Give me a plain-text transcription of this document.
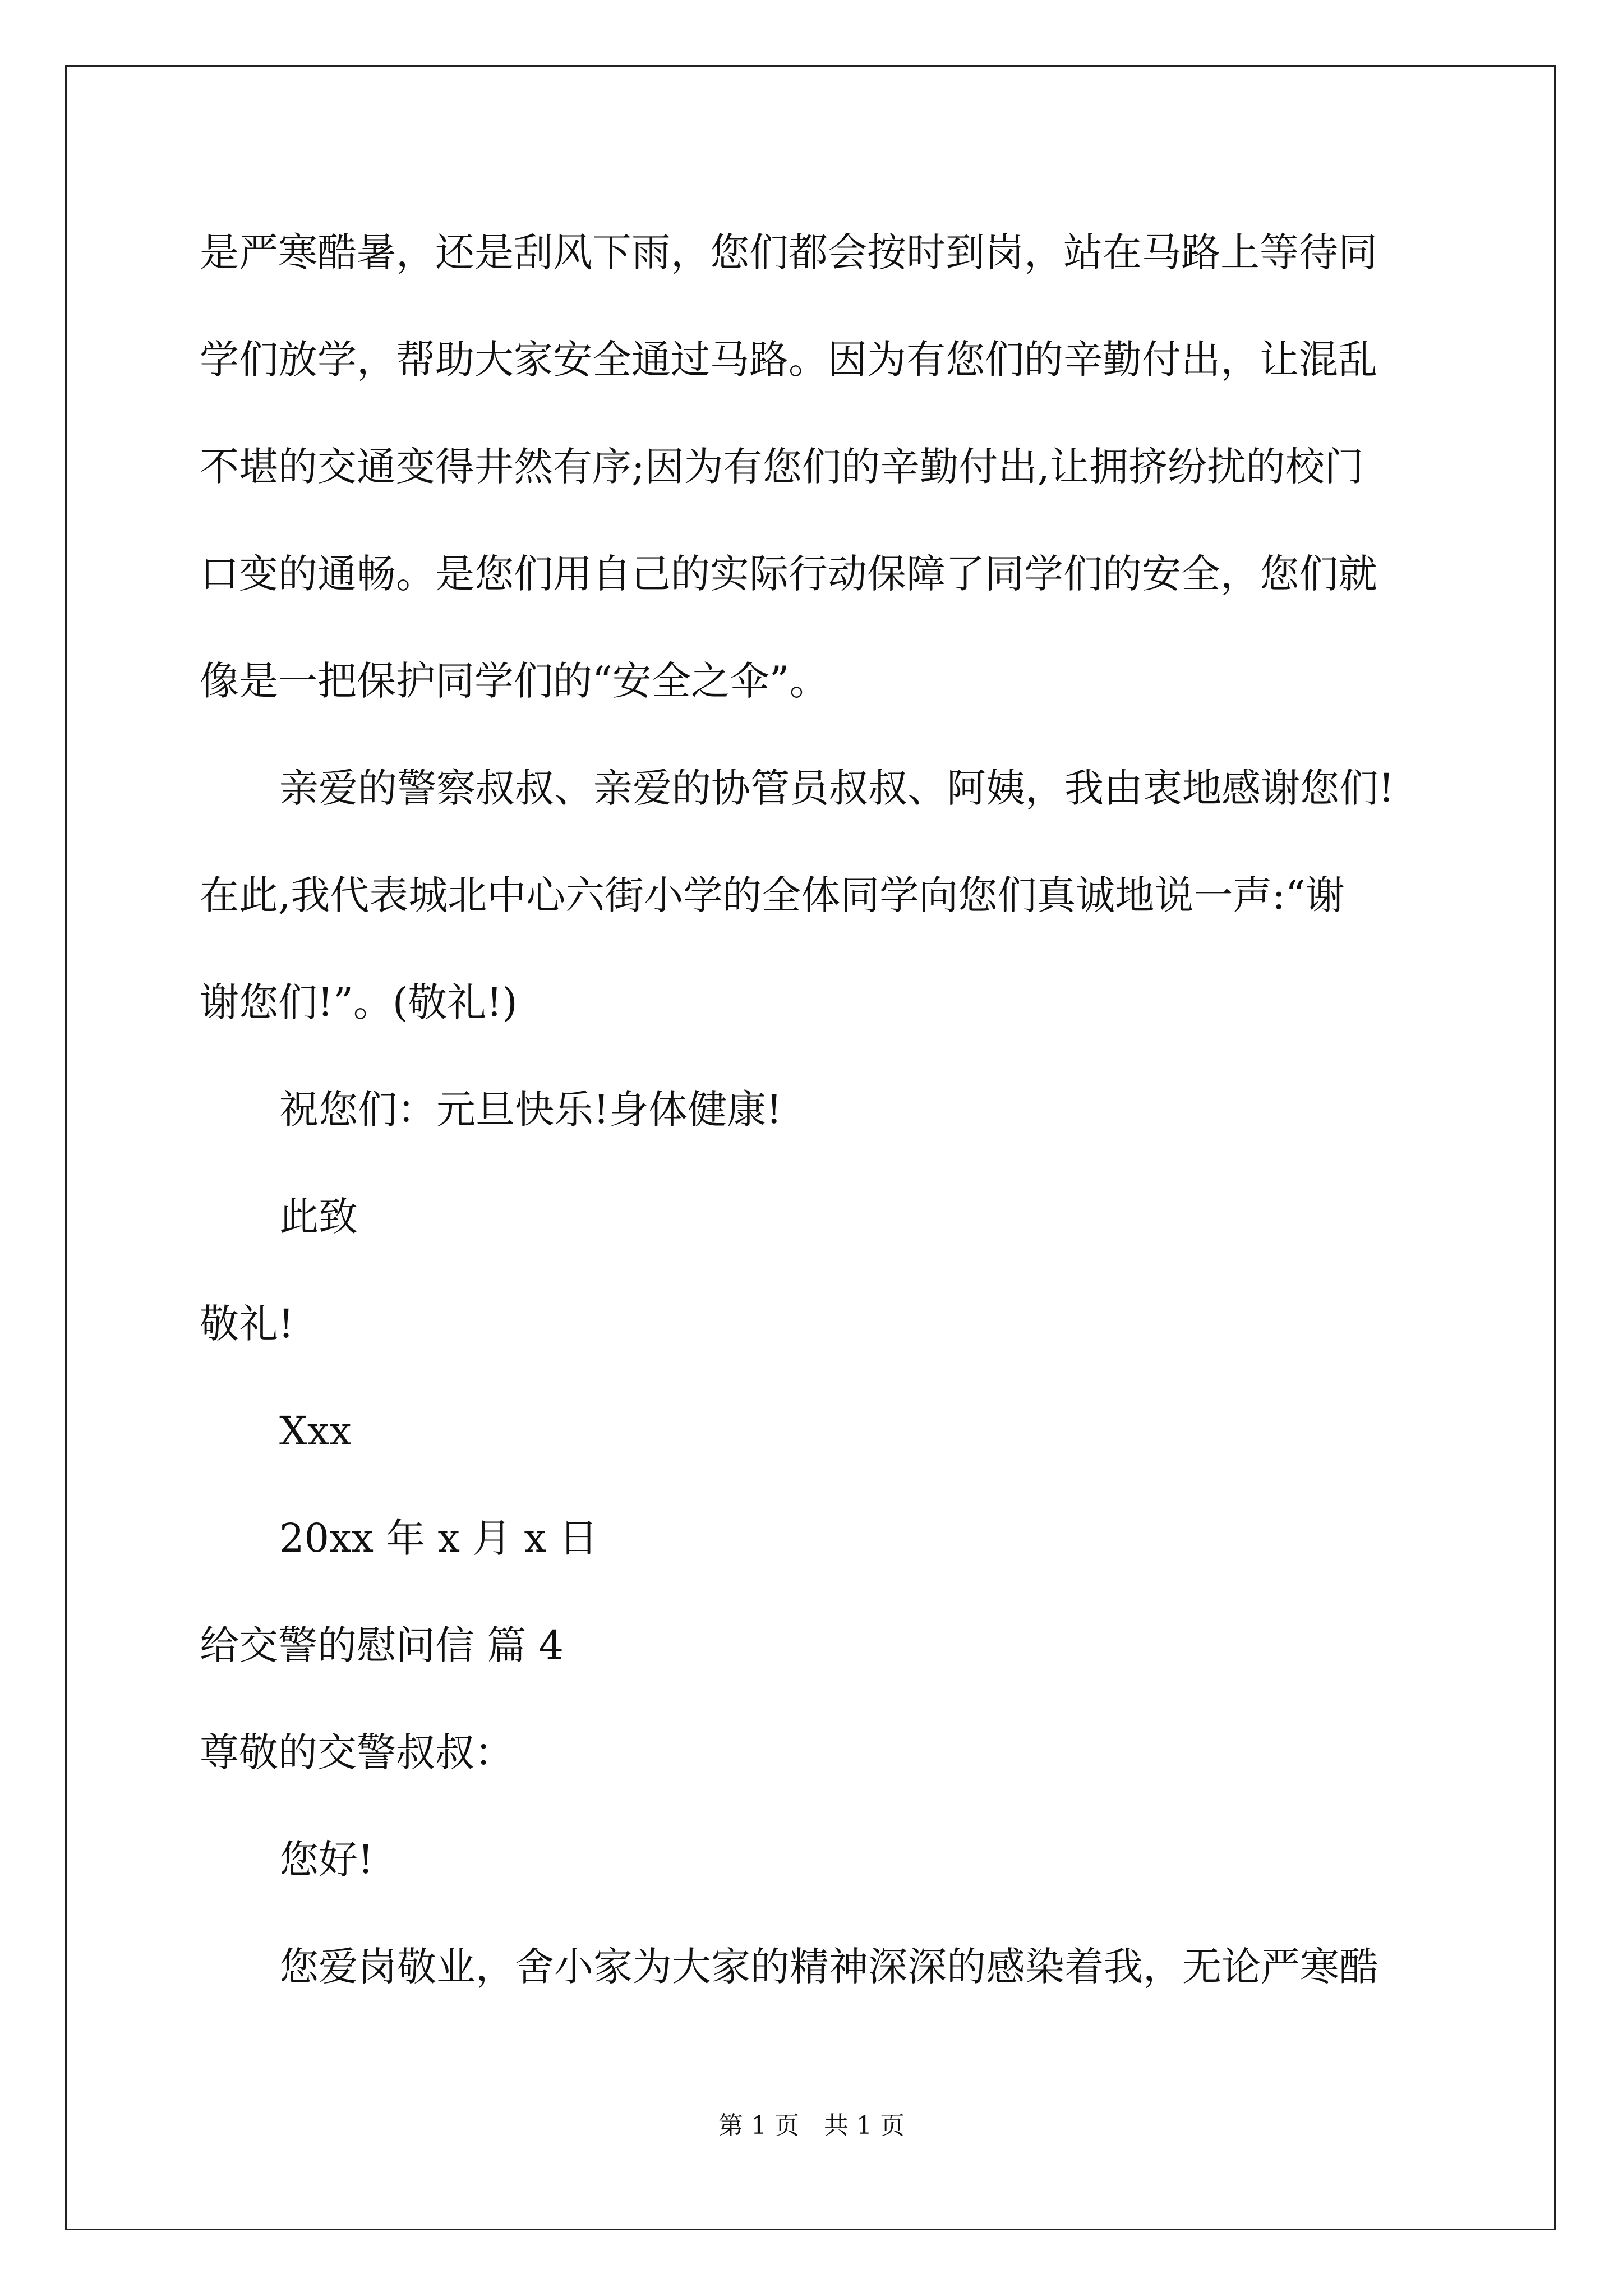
是严寒酷暑，还是刮风下雨，您们都会按时到岗，站在马路上等待同
学们放学，帮助大家安全通过马路。因为有您们的辛勤付出，让混乱
不堪的交通变得井然有序;因为有您们的辛勤付出,让拥挤纷扰的校门
口变的通畅。是您们用自己的实际行动保障了同学们的安全，您们就
像是一把保护同学们的“安全之伞”。
亲爱的警察叔叔、亲爱的协管员叔叔、阿姨，我由衷地感谢您们!
在此,我代表城北中心六街小学的全体同学向您们真诚地说一声:“谢
谢您们!”。(敬礼!)
祝您们：元旦快乐!身体健康!
此致
敬礼!
Xxx
20xx 年 x 月 x 日
给交警的慰问信 篇 4
尊敬的交警叔叔：
您好!
您爱岗敬业，舍小家为大家的精神深深的感染着我，无论严寒酷
第 1 页　共 1 页
